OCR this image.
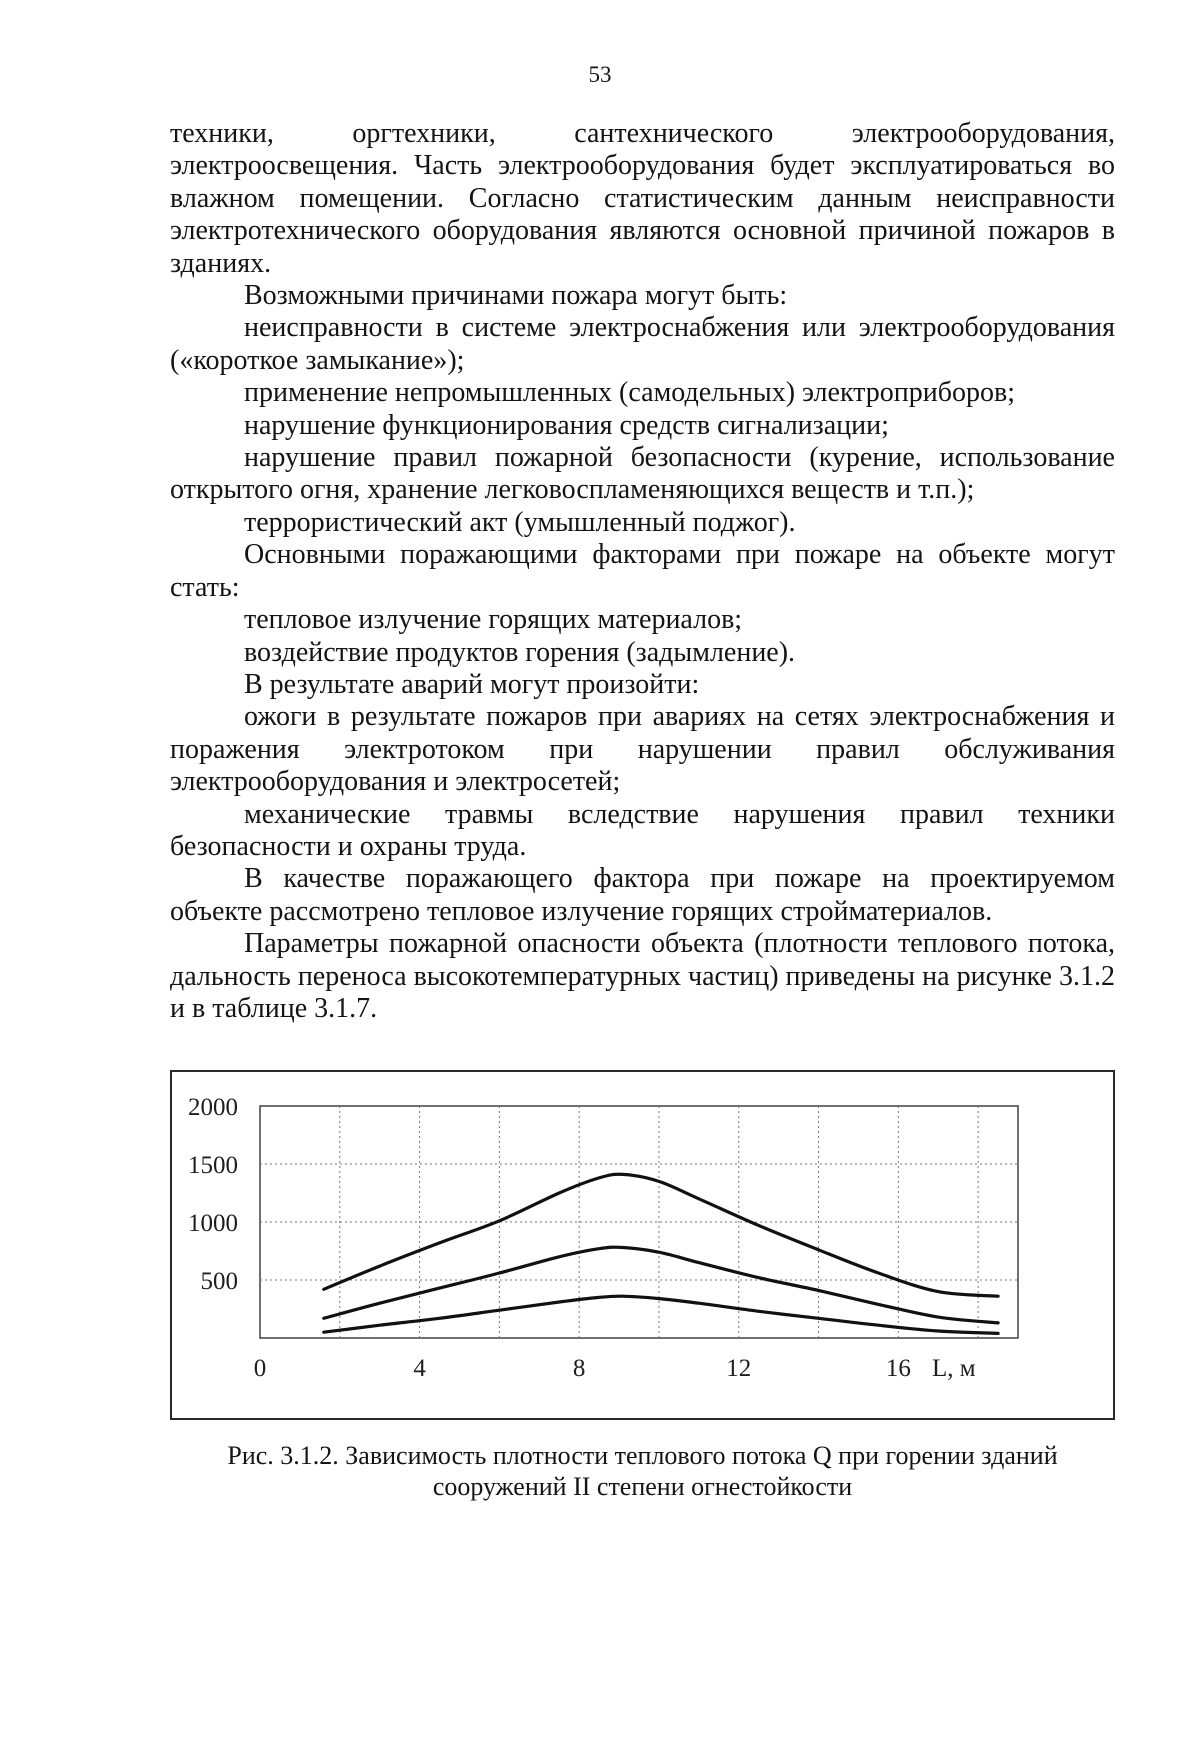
53

техники, оргтехники, сантехнического электрооборудования, электроосвещения. Часть электрооборудования будет эксплуатироваться во влажном помещении. Согласно статистическим данным неисправности электротехнического оборудования являются основной причиной пожаров в зданиях.

Возможными причинами пожара могут быть:

неисправности в системе электроснабжения или электрооборудования («короткое замыкание»);

применение непромышленных (самодельных) электроприборов;

нарушение функционирования средств сигнализации;

нарушение правил пожарной безопасности (курение, использование открытого огня, хранение легковоспламеняющихся веществ и т.п.);

террористический акт (умышленный поджог).

Основными поражающими факторами при пожаре на объекте могут стать:

тепловое излучение горящих материалов;

воздействие продуктов горения (задымление).

В результате аварий могут произойти:

ожоги в результате пожаров при авариях на сетях электроснабжения и поражения электротоком при нарушении правил обслуживания электрооборудования и электросетей;

механические травмы вследствие нарушения правил техники безопасности и охраны труда.

В качестве поражающего фактора при пожаре на проектируемом объекте рассмотрено тепловое излучение горящих стройматериалов.

Параметры пожарной опасности объекта (плотности теплового потока, дальность переноса высокотемпературных частиц) приведены на рисунке 3.1.2 и в таблице 3.1.7.

2000
1500
1000
500
0	4	8	12	16 L, м
Рис. 3.1.2. Зависимость плотности теплового потока Q при горении зданий
сооружений II степени огнестойкости
